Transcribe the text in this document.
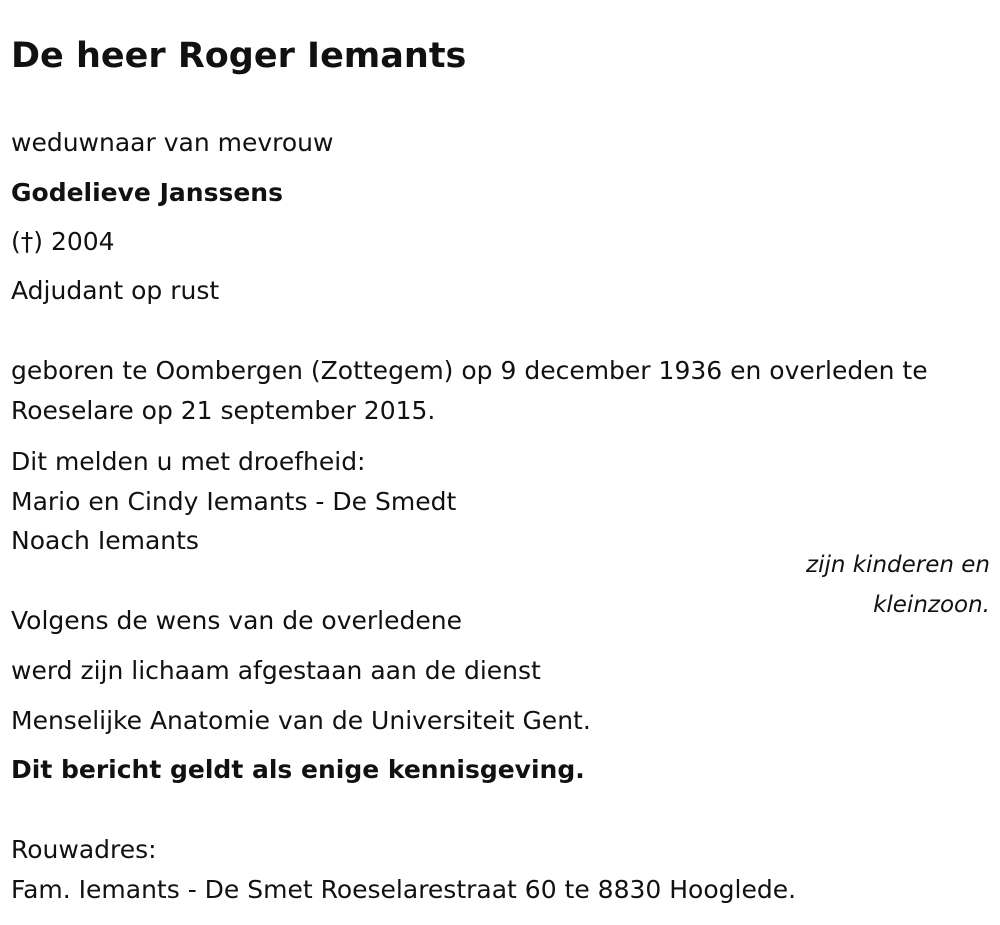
De heer Roger Iemants

weduwnaar van mevrouw

Godelieve Janssens

(†) 2004

Adjudant op rust

geboren te Oombergen (Zottegem) op 9 december 1936 en overleden te

Roeselare op 21 september 2015.

Dit melden u met droefheid:

Mario en Cindy Iemants - De Smedt

Noach Iemants

zijn kinderen en

kleinzoon.

Volgens de wens van de overledene

werd zijn lichaam afgestaan aan de dienst

Menselijke Anatomie van de Universiteit Gent.

Dit bericht geldt als enige kennisgeving.

Rouwadres:

Fam. Iemants - De Smet Roeselarestraat 60 te 8830 Hooglede.
